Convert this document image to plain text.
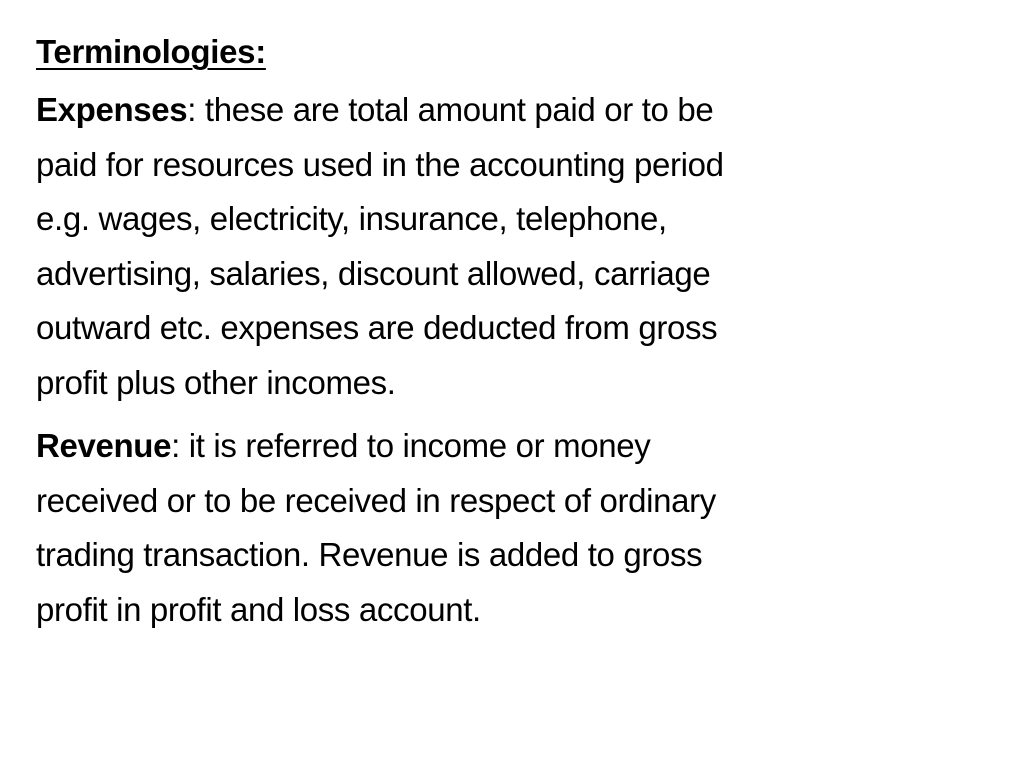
Terminologies:
Expenses: these are total amount paid or to be
paid for resources used in the accounting period
e.g. wages, electricity, insurance, telephone,
advertising, salaries, discount allowed, carriage
outward etc. expenses are deducted from gross
profit plus other incomes.
Revenue: it is referred to income or money
received or to be received in respect of ordinary
trading transaction. Revenue is added to gross
profit in profit and loss account.
